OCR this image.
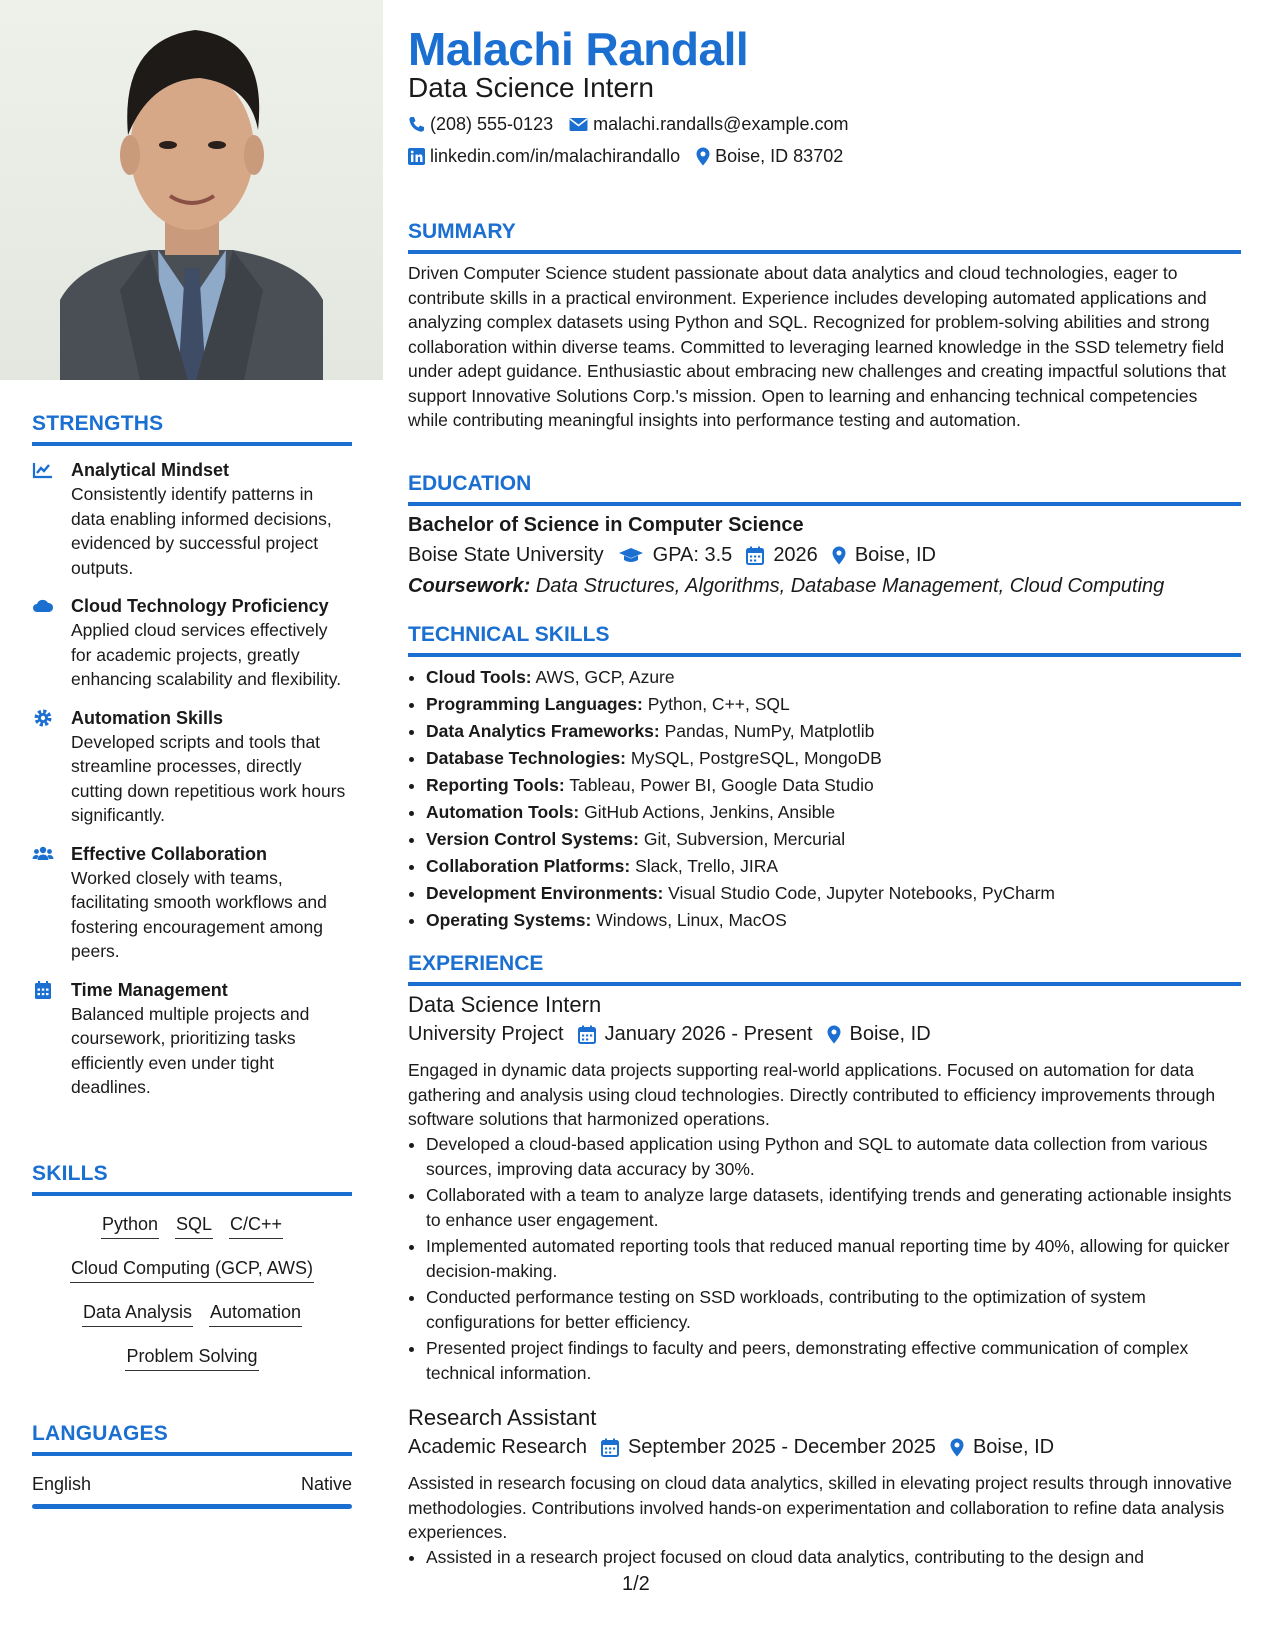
STRENGTHS
Analytical Mindset
Consistently identify patterns in data enabling informed decisions, evidenced by successful project outputs.
Cloud Technology Proficiency
Applied cloud services effectively for academic projects, greatly enhancing scalability and flexibility.
Automation Skills
Developed scripts and tools that streamline processes, directly cutting down repetitious work hours significantly.
Effective Collaboration
Worked closely with teams, facilitating smooth workflows and fostering encouragement among peers.
Time Management
Balanced multiple projects and coursework, prioritizing tasks efficiently even under tight deadlines.
SKILLS
Python SQL C/C++
Cloud Computing (GCP, AWS)
Data Analysis Automation
Problem Solving
LANGUAGES
English	Native
Malachi Randall
Data Science Intern
(208) 555-0123 malachi.randalls@example.com
linkedin.com/in/malachirandallo Boise, ID 83702
SUMMARY
Driven Computer Science student passionate about data analytics and cloud technologies, eager to contribute skills in a practical environment. Experience includes developing automated applications and analyzing complex datasets using Python and SQL. Recognized for problem-solving abilities and strong collaboration within diverse teams. Committed to leveraging learned knowledge in the SSD telemetry field under adept guidance. Enthusiastic about embracing new challenges and creating impactful solutions that support Innovative Solutions Corp.'s mission. Open to learning and enhancing technical competencies while contributing meaningful insights into performance testing and automation.
EDUCATION
Bachelor of Science in Computer Science
Boise State University GPA: 3.5 2026 Boise, ID
Coursework: Data Structures, Algorithms, Database Management, Cloud Computing
TECHNICAL SKILLS
• Cloud Tools: AWS, GCP, Azure
• Programming Languages: Python, C++, SQL
• Data Analytics Frameworks: Pandas, NumPy, Matplotlib
• Database Technologies: MySQL, PostgreSQL, MongoDB
• Reporting Tools: Tableau, Power BI, Google Data Studio
• Automation Tools: GitHub Actions, Jenkins, Ansible
• Version Control Systems: Git, Subversion, Mercurial
• Collaboration Platforms: Slack, Trello, JIRA
• Development Environments: Visual Studio Code, Jupyter Notebooks, PyCharm
• Operating Systems: Windows, Linux, MacOS
EXPERIENCE
Data Science Intern
University Project January 2026 - Present Boise, ID
Engaged in dynamic data projects supporting real-world applications. Focused on automation for data gathering and analysis using cloud technologies. Directly contributed to efficiency improvements through software solutions that harmonized operations.
• Developed a cloud-based application using Python and SQL to automate data collection from various sources, improving data accuracy by 30%.
• Collaborated with a team to analyze large datasets, identifying trends and generating actionable insights to enhance user engagement.
• Implemented automated reporting tools that reduced manual reporting time by 40%, allowing for quicker decision-making.
• Conducted performance testing on SSD workloads, contributing to the optimization of system configurations for better efficiency.
• Presented project findings to faculty and peers, demonstrating effective communication of complex technical information.
Research Assistant
Academic Research September 2025 - December 2025 Boise, ID
Assisted in research focusing on cloud data analytics, skilled in elevating project results through innovative methodologies. Contributions involved hands-on experimentation and collaboration to refine data analysis experiences.
• Assisted in a research project focused on cloud data analytics, contributing to the design and
1/2
